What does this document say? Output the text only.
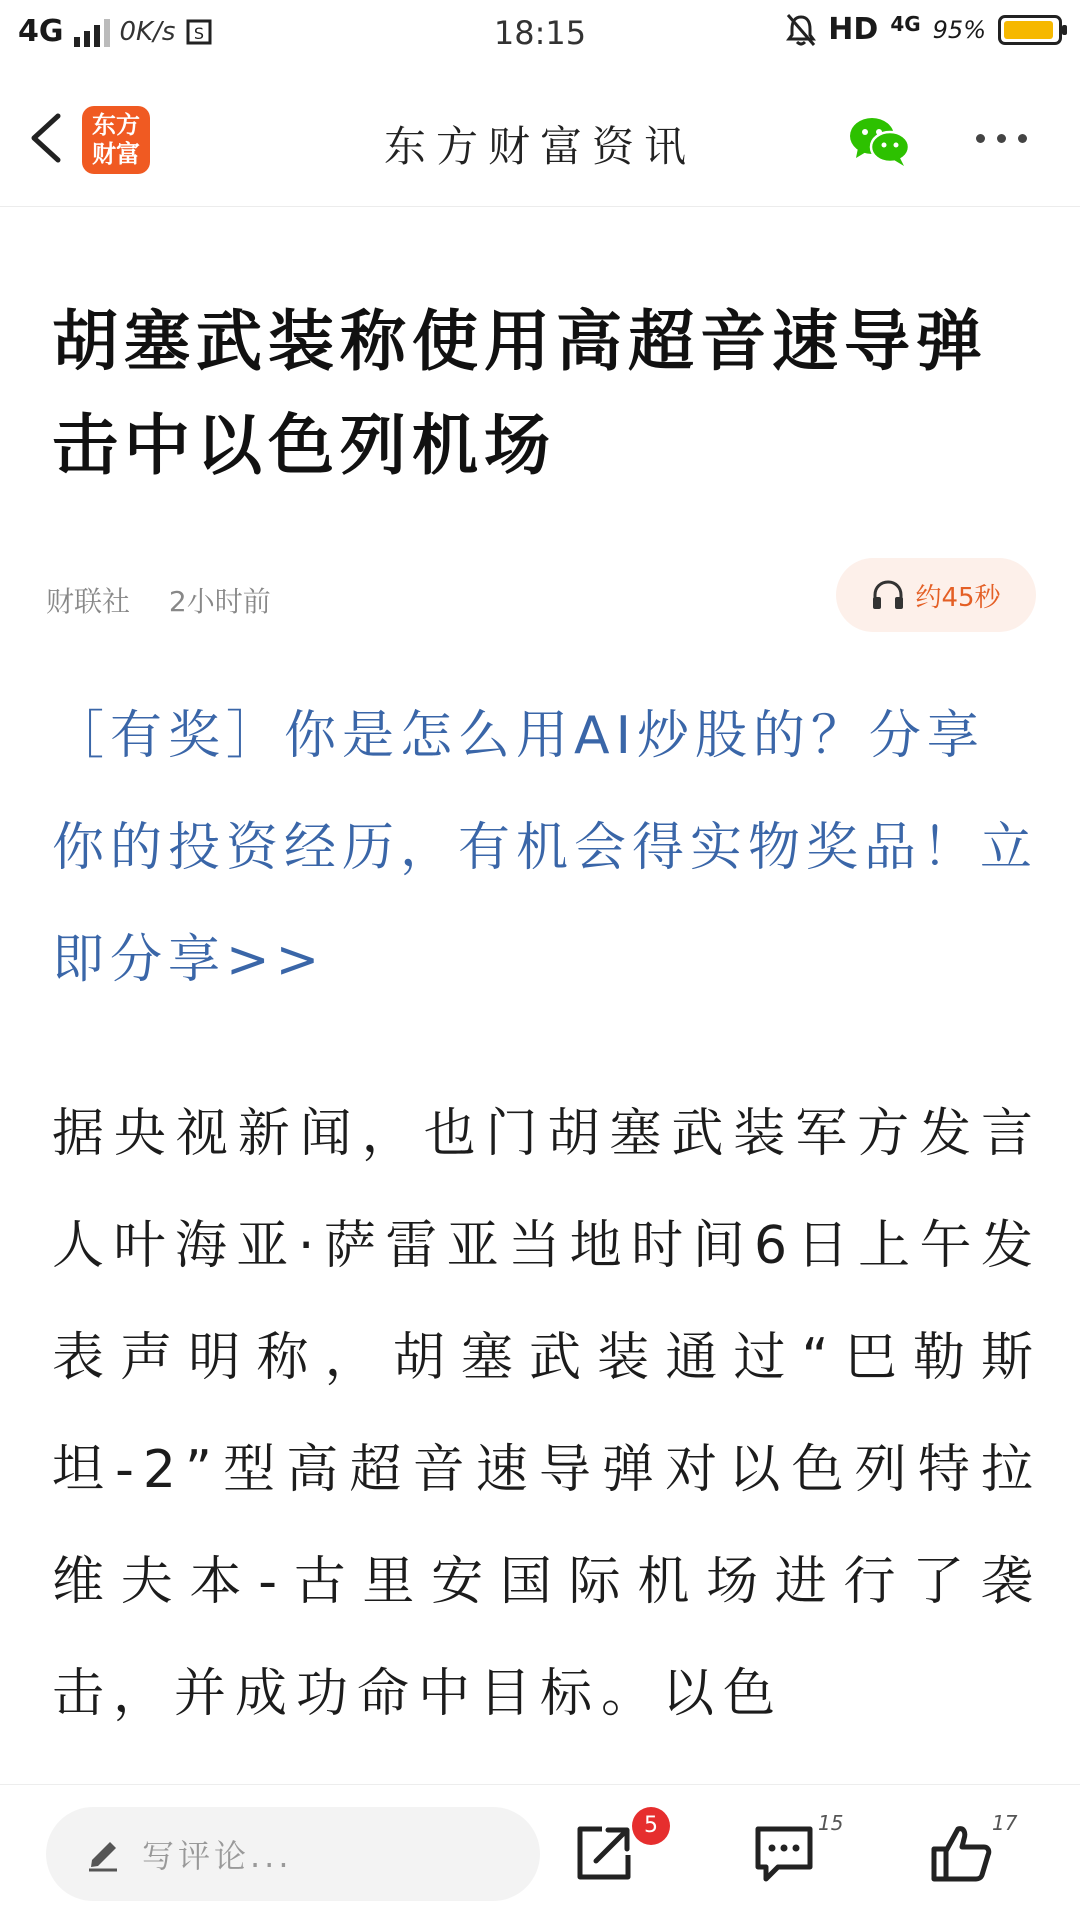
4G 0K/s S	18:15	HD 4G 95%
东方
财富	东方财富资讯
胡塞武装称使用高超音速导弹击中以色列机场
财联社 2小时前	约45秒
［有奖］你是怎么用AI炒股的？分享你的投资经历，有机会得实物奖品！立即分享>>
据央视新闻，也门胡塞武装军方发言人叶海亚·萨雷亚当地时间6日上午发表声明称，胡塞武装通过“巴勒斯坦-2”型高超音速导弹对以色列特拉维夫本-古里安国际机场进行了袭击，并成功命中目标。以色
写评论...
5	15	17
